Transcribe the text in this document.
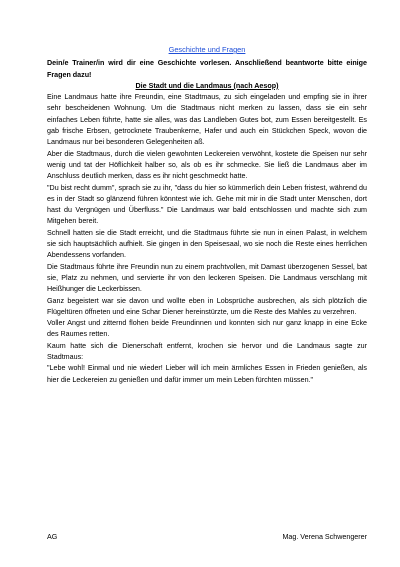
Geschichte und Fragen

Dein/e Trainer/in wird dir eine Geschichte vorlesen. Anschließend beantworte bitte einige Fragen dazu!

Die Stadt und die Landmaus (nach Aesop)

Eine Landmaus hatte ihre Freundin, eine Stadtmaus, zu sich eingeladen und empfing sie in ihrer sehr bescheidenen Wohnung. Um die Stadtmaus nicht merken zu lassen, dass sie ein sehr einfaches Leben führte, hatte sie alles, was das Landleben Gutes bot, zum Essen bereitgestellt. Es gab frische Erbsen, getrocknete Traubenkerne, Hafer und auch ein Stückchen Speck, wovon die Landmaus nur bei besonderen Gelegenheiten aß.

Aber die Stadtmaus, durch die vielen gewohnten Leckereien verwöhnt, kostete die Speisen nur sehr wenig und tat der Höflichkeit halber so, als ob es ihr schmecke. Sie ließ die Landmaus aber im Anschluss deutlich merken, dass es ihr nicht geschmeckt hatte.

"Du bist recht dumm", sprach sie zu ihr, "dass du hier so kümmerlich dein Leben fristest, während du es in der Stadt so glänzend führen könntest wie ich. Gehe mit mir in die Stadt unter Menschen, dort hast du Vergnügen und Überfluss." Die Landmaus war bald entschlossen und machte sich zum Mitgehen bereit.

Schnell hatten sie die Stadt erreicht, und die Stadtmaus führte sie nun in einen Palast, in welchem sie sich hauptsächlich aufhielt. Sie gingen in den Speisesaal, wo sie noch die Reste eines herrlichen Abendessens vorfanden.

Die Stadtmaus führte ihre Freundin nun zu einem prachtvollen, mit Damast überzogenen Sessel, bat sie, Platz zu nehmen, und servierte ihr von den leckeren Speisen. Die Landmaus verschlang mit Heißhunger die Leckerbissen.

Ganz begeistert war sie davon und wollte eben in Lobsprüche ausbrechen, als sich plötzlich die Flügeltüren öffneten und eine Schar Diener hereinstürzte, um die Reste des Mahles zu verzehren.

Voller Angst und zitternd flohen beide Freundinnen und konnten sich nur ganz knapp in eine Ecke des Raumes retten.

Kaum hatte sich die Dienerschaft entfernt, krochen sie hervor und die Landmaus sagte zur Stadtmaus:

"Lebe wohl! Einmal und nie wieder! Lieber will ich mein ärmliches Essen in Frieden genießen, als hier die Leckereien zu genießen und dafür immer um mein Leben fürchten müssen."

AG	Mag. Verena Schwengerer
